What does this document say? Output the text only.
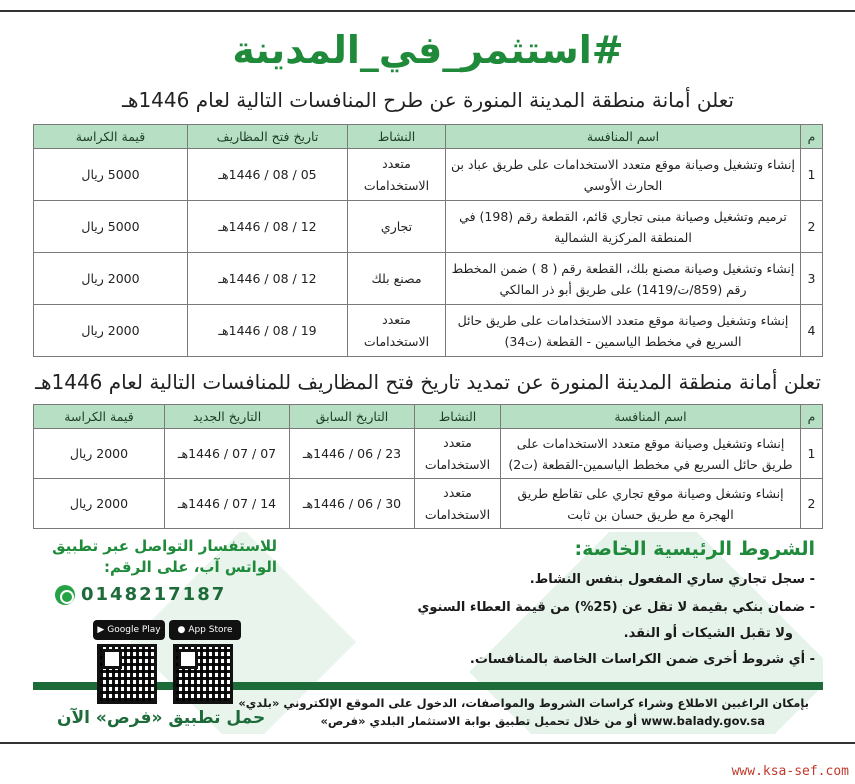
#استثمر_في_المدينة
تعلن أمانة منطقة المدينة المنورة عن طرح المنافسات التالية لعام 1446هـ
م	اسم المنافسة	النشاط	تاريخ فتح المظاريف	قيمة الكراسة
1	إنشاء وتشغيل وصيانة موقع متعدد الاستخدامات على طريق عباد بن الحارث الأوسي	متعدد الاستخدامات	05 / 08 / 1446هـ	5000 ريال
2	ترميم وتشغيل وصيانة مبنى تجاري قائم، القطعة رقم (198) في المنطقة المركزية الشمالية	تجاري	12 / 08 / 1446هـ	5000 ريال
3	إنشاء وتشغيل وصيانة مصنع بلك، القطعة رقم ( 8 ) ضمن المخطط رقم (859/ت/1419) على طريق أبو ذر المالكي	مصنع بلك	12 / 08 / 1446هـ	2000 ريال
4	إنشاء وتشغيل وصيانة موقع متعدد الاستخدامات على طريق حائل السريع في مخطط الياسمين - القطعة (ت34)	متعدد الاستخدامات	19 / 08 / 1446هـ	2000 ريال
تعلن أمانة منطقة المدينة المنورة عن تمديد تاريخ فتح المظاريف للمنافسات التالية لعام 1446هـ
م	اسم المنافسة	النشاط	التاريخ السابق	التاريخ الجديد	قيمة الكراسة
1	إنشاء وتشغيل وصيانة موقع متعدد الاستخدامات على طريق حائل السريع في مخطط الياسمين-القطعة (ت2)	متعدد الاستخدامات	23 / 06 / 1446هـ	07 / 07 / 1446هـ	2000 ريال
2	إنشاء وتشغل وصيانة موقع تجاري على تقاطع طريق الهجرة مع طريق حسان بن ثابت	متعدد الاستخدامات	30 / 06 / 1446هـ	14 / 07 / 1446هـ	2000 ريال
الشروط الرئيسية الخاصة:
- سجل تجاري ساري المفعول بنفس النشاط.
- ضمان بنكي بقيمة لا تقل عن (25%) من قيمة العطاء السنوي
ولا تقبل الشيكات أو النقد.
- أي شروط أخرى ضمن الكراسات الخاصة بالمنافسات.
للاستفسار التواصل عبر تطبيق
الواتس آب، على الرقم:
0148217187
▶ Google Play ● App Store
حمل تطبيق «فرص» الآن
بإمكان الراغبين الاطلاع وشراء كراسات الشروط والمواصفات، الدخول على الموقع الإلكتروني «بلدي»
www.balady.gov.sa أو من خلال تحميل تطبيق بوابة الاستثمار البلدي «فرص»
www.ksa-sef.com
